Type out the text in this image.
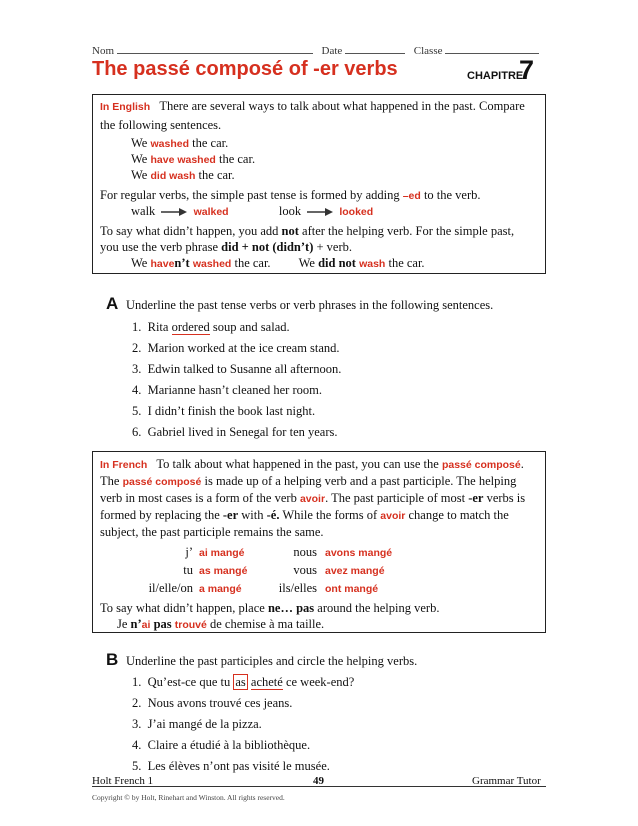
Nom	Date	Classe
The passé composé of -er verbs	CHAPITRE
7
In English There are several ways to talk about what happened in the past. Compare
the following sentences.
We washed the car.
We have washed the car.
We did wash the car.
For regular verbs, the simple past tense is formed by adding –ed to the verb.
walk	walked	look	looked
To say what didn’t happen, you add not after the helping verb. For the simple past,
you use the verb phrase did + not (didn’t) + verb.
We haven’t washed the car. We did not wash the car.
A Underline the past tense verbs or verb phrases in the following sentences.
1. Rita ordered soup and salad.
2. Marion worked at the ice cream stand.
3. Edwin talked to Susanne all afternoon.
4. Marianne hasn’t cleaned her room.
5. I didn’t finish the book last night.
6. Gabriel lived in Senegal for ten years.
In French To talk about what happened in the past, you can use the passé composé.
The passé composé is made up of a helping verb and a past participle. The helping
verb in most cases is a form of the verb avoir. The past participle of most -er verbs is
formed by replacing the -er with -é. While the forms of avoir change to match the
subject, the past participle remains the same.
j’ ai mangé	nous avons mangé
tu as mangé	vous avez mangé
il/elle/on a mangé	ils/elles ont mangé
To say what didn’t happen, place ne… pas around the helping verb.
Je n’ai pas trouvé de chemise à ma taille.
B Underline the past participles and circle the helping verbs.
1. Qu’est-ce que tu as acheté ce week-end?
2. Nous avons trouvé ces jeans.
3. J’ai mangé de la pizza.
4. Claire a étudié à la bibliothèque.
5. Les élèves n’ont pas visité le musée.
Holt French 1	49	Grammar Tutor
Copyright © by Holt, Rinehart and Winston. All rights reserved.
